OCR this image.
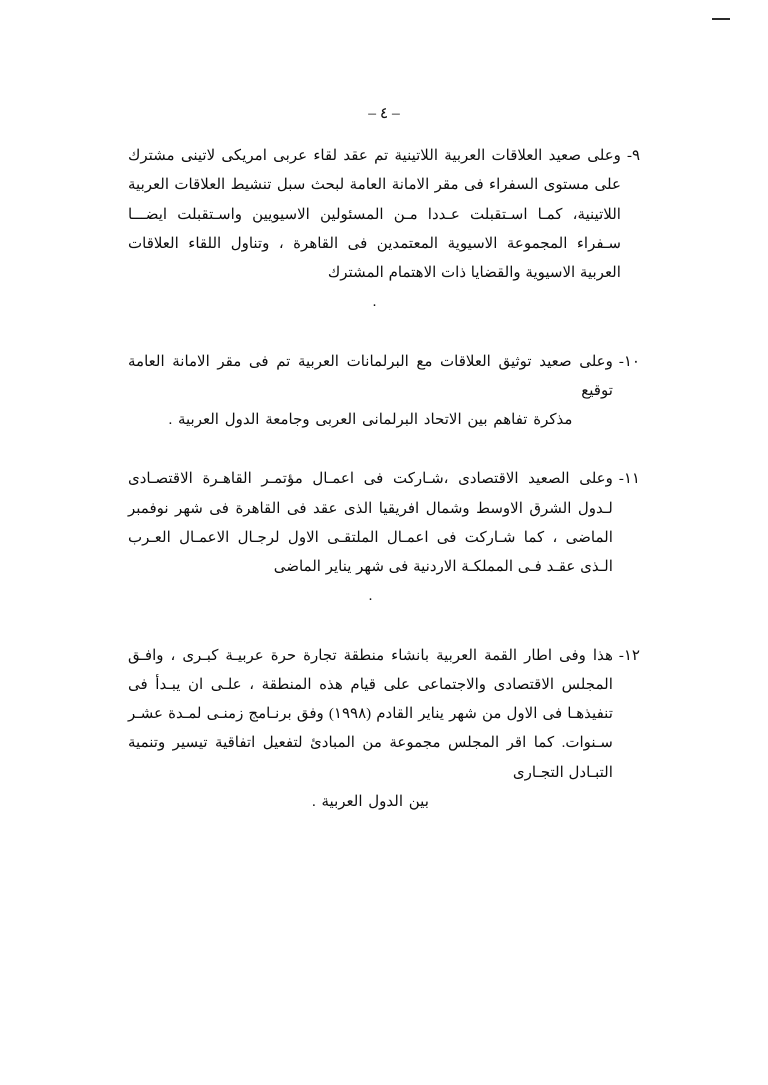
– ٤ –
٩-
وعلى صعيد العلاقات العربية اللاتينية تم عقد لقاء عربى امريكى لاتينى مشترك على مستوى السفراء فى مقر الامانة العامة لبحث سبل تنشيط العلاقات العربية اللاتينية، كمـا اسـتقبلت عـددا مـن المسئولين الاسيويين واسـتقبلت ايضـــا سـفراء المجموعة الاسيوية المعتمدين فى القاهرة ، وتناول اللقاء العلاقات العربية الاسيوية والقضايا ذات الاهتمام المشترك
.
١٠-
وعلى صعيد توثيق العلاقات مع البرلمانات العربية تم فى مقر الامانة العامة توقيع
مذكرة تفاهم بين الاتحاد البرلمانى العربى وجامعة الدول العربية .
١١-
وعلى الصعيد الاقتصادى ،شـاركت فى اعمـال مؤتمـر القاهـرة الاقتصـادى لـدول الشرق الاوسط وشمال افريقيا الذى عقد فى القاهرة فى شهر نوفمبر الماضى ، كما شـاركت فى اعمـال الملتقـى الاول لرجـال الاعمـال العـرب الـذى عقـد فـى المملكـة الاردنية فى شهر يناير الماضى
.
١٢-
هذا وفى اطار القمة العربية بانشاء منطقة تجارة حرة عربيـة كبـرى ، وافـق المجلس الاقتصادى والاجتماعى على قيام هذه المنطقة ، علـى ان يبـدأ فى تنفيذهـا فى الاول من شهر يناير القادم (١٩٩٨) وفق برنـامج زمنـى لمـدة عشـر سـنوات. كما اقر المجلس مجموعة من المبادئ لتفعيل اتفاقية تيسير وتنمية التبـادل التجـارى
بين الدول العربية .
